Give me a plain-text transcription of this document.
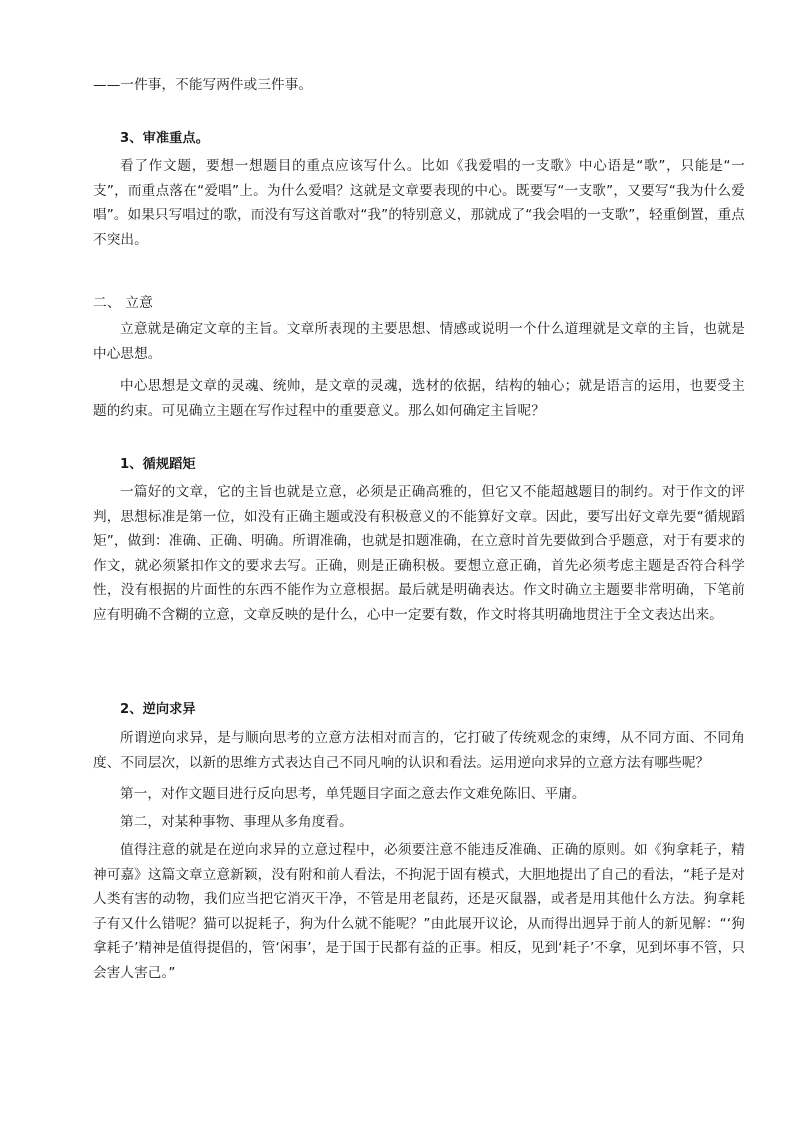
——一件事，不能写两件或三件事。

3、审准重点。

看了作文题，要想一想题目的重点应该写什么。比如《我爱唱的一支歌》中心语是“歌”，只能是“一支”，而重点落在“爱唱”上。为什么爱唱？这就是文章要表现的中心。既要写“一支歌”，又要写“我为什么爱唱”。如果只写唱过的歌，而没有写这首歌对“我”的特别意义，那就成了“我会唱的一支歌”，轻重倒置，重点不突出。

二、 立意

立意就是确定文章的主旨。文章所表现的主要思想、情感或说明一个什么道理就是文章的主旨，也就是中心思想。

中心思想是文章的灵魂、统帅，是文章的灵魂，选材的依据，结构的轴心；就是语言的运用，也要受主题的约束。可见确立主题在写作过程中的重要意义。那么如何确定主旨呢？

1、循规蹈矩

一篇好的文章，它的主旨也就是立意，必须是正确高雅的，但它又不能超越题目的制约。对于作文的评判，思想标准是第一位，如没有正确主题或没有积极意义的不能算好文章。因此，要写出好文章先要“循规蹈矩”，做到：准确、正确、明确。所谓准确，也就是扣题准确，在立意时首先要做到合乎题意，对于有要求的作文，就必须紧扣作文的要求去写。正确，则是正确积极。要想立意正确，首先必须考虑主题是否符合科学性，没有根据的片面性的东西不能作为立意根据。最后就是明确表达。作文时确立主题要非常明确，下笔前应有明确不含糊的立意，文章反映的是什么，心中一定要有数，作文时将其明确地贯注于全文表达出来。

2、逆向求异

所谓逆向求异，是与顺向思考的立意方法相对而言的，它打破了传统观念的束缚，从不同方面、不同角度、不同层次，以新的思维方式表达自己不同凡响的认识和看法。运用逆向求异的立意方法有哪些呢？

第一，对作文题目进行反向思考，单凭题目字面之意去作文难免陈旧、平庸。

第二，对某种事物、事理从多角度看。

值得注意的就是在逆向求异的立意过程中，必须要注意不能违反准确、正确的原则。如《狗拿耗子，精神可嘉》这篇文章立意新颖，没有附和前人看法，不拘泥于固有模式，大胆地提出了自己的看法，“耗子是对人类有害的动物，我们应当把它消灭干净，不管是用老鼠药，还是灭鼠器，或者是用其他什么方法。狗拿耗子有又什么错呢？猫可以捉耗子，狗为什么就不能呢？”由此展开议论，从而得出迥异于前人的新见解：“‘狗拿耗子’精神是值得提倡的，管‘闲事’，是于国于民都有益的正事。相反，见到‘耗子’不拿，见到坏事不管，只会害人害己。”
